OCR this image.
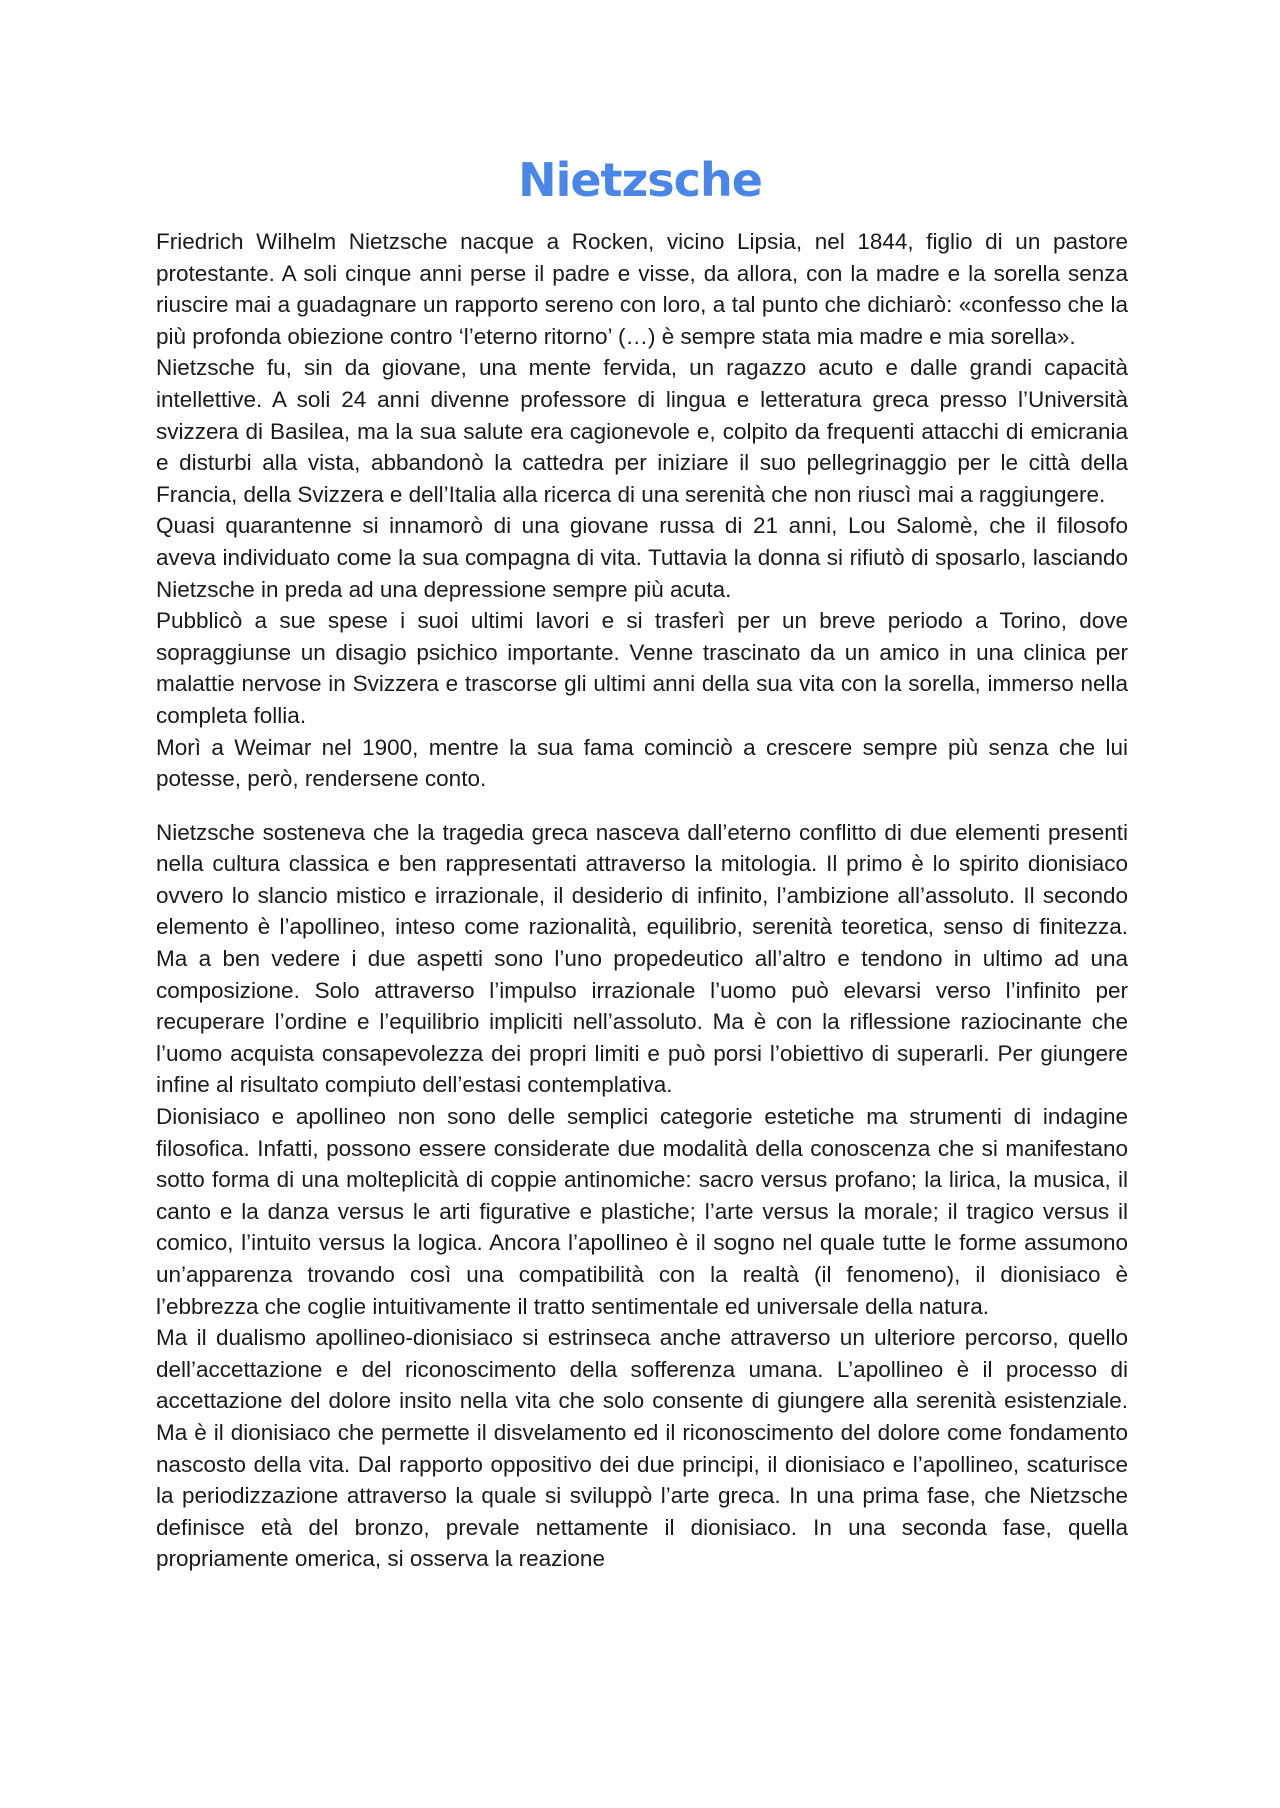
Nietzsche

Friedrich Wilhelm Nietzsche nacque a Rocken, vicino Lipsia, nel 1844, figlio di un pastore protestante. A soli cinque anni perse il padre e visse, da allora, con la madre e la sorella senza riuscire mai a guadagnare un rapporto sereno con loro, a tal punto che dichiarò: «confesso che la più profonda obiezione contro ‘l’eterno ritorno’ (…) è sempre stata mia madre e mia sorella».

Nietzsche fu, sin da giovane, una mente fervida, un ragazzo acuto e dalle grandi capacità intellettive. A soli 24 anni divenne professore di lingua e letteratura greca presso l’Università svizzera di Basilea, ma la sua salute era cagionevole e, colpito da frequenti attacchi di emicrania e disturbi alla vista, abbandonò la cattedra per iniziare il suo pellegrinaggio per le città della Francia, della Svizzera e dell’Italia alla ricerca di una serenità che non riuscì mai a raggiungere.

Quasi quarantenne si innamorò di una giovane russa di 21 anni, Lou Salomè, che il filosofo aveva individuato come la sua compagna di vita. Tuttavia la donna si rifiutò di sposarlo, lasciando Nietzsche in preda ad una depressione sempre più acuta.

Pubblicò a sue spese i suoi ultimi lavori e si trasferì per un breve periodo a Torino, dove sopraggiunse un disagio psichico importante. Venne trascinato da un amico in una clinica per malattie nervose in Svizzera e trascorse gli ultimi anni della sua vita con la sorella, immerso nella completa follia.

Morì a Weimar nel 1900, mentre la sua fama cominciò a crescere sempre più senza che lui potesse, però, rendersene conto.

Nietzsche sosteneva che la tragedia greca nasceva dall’eterno conflitto di due elementi presenti nella cultura classica e ben rappresentati attraverso la mitologia. Il primo è lo spirito dionisiaco ovvero lo slancio mistico e irrazionale, il desiderio di infinito, l’ambizione all’assoluto. Il secondo elemento è l’apollineo, inteso come razionalità, equilibrio, serenità teoretica, senso di finitezza. Ma a ben vedere i due aspetti sono l’uno propedeutico all’altro e tendono in ultimo ad una composizione. Solo attraverso l’impulso irrazionale l’uomo può elevarsi verso l’infinito per recuperare l’ordine e l’equilibrio impliciti nell’assoluto. Ma è con la riflessione raziocinante che l’uomo acquista consapevolezza dei propri limiti e può porsi l’obiettivo di superarli. Per giungere infine al risultato compiuto dell’estasi contemplativa.

Dionisiaco e apollineo non sono delle semplici categorie estetiche ma strumenti di indagine filosofica. Infatti, possono essere considerate due modalità della conoscenza che si manifestano sotto forma di una molteplicità di coppie antinomiche: sacro versus profano; la lirica, la musica, il canto e la danza versus le arti figurative e plastiche; l’arte versus la morale; il tragico versus il comico, l’intuito versus la logica. Ancora l’apollineo è il sogno nel quale tutte le forme assumono un’apparenza trovando così una compatibilità con la realtà (il fenomeno), il dionisiaco è l’ebbrezza che coglie intuitivamente il tratto sentimentale ed universale della natura.

Ma il dualismo apollineo-dionisiaco si estrinseca anche attraverso un ulteriore percorso, quello dell’accettazione e del riconoscimento della sofferenza umana. L’apollineo è il processo di accettazione del dolore insito nella vita che solo consente di giungere alla serenità esistenziale. Ma è il dionisiaco che permette il disvelamento ed il riconoscimento del dolore come fondamento nascosto della vita. Dal rapporto oppositivo dei due principi, il dionisiaco e l’apollineo, scaturisce la periodizzazione attraverso la quale si sviluppò l’arte greca. In una prima fase, che Nietzsche definisce età del bronzo, prevale nettamente il dionisiaco. In una seconda fase, quella propriamente omerica, si osserva la reazione
